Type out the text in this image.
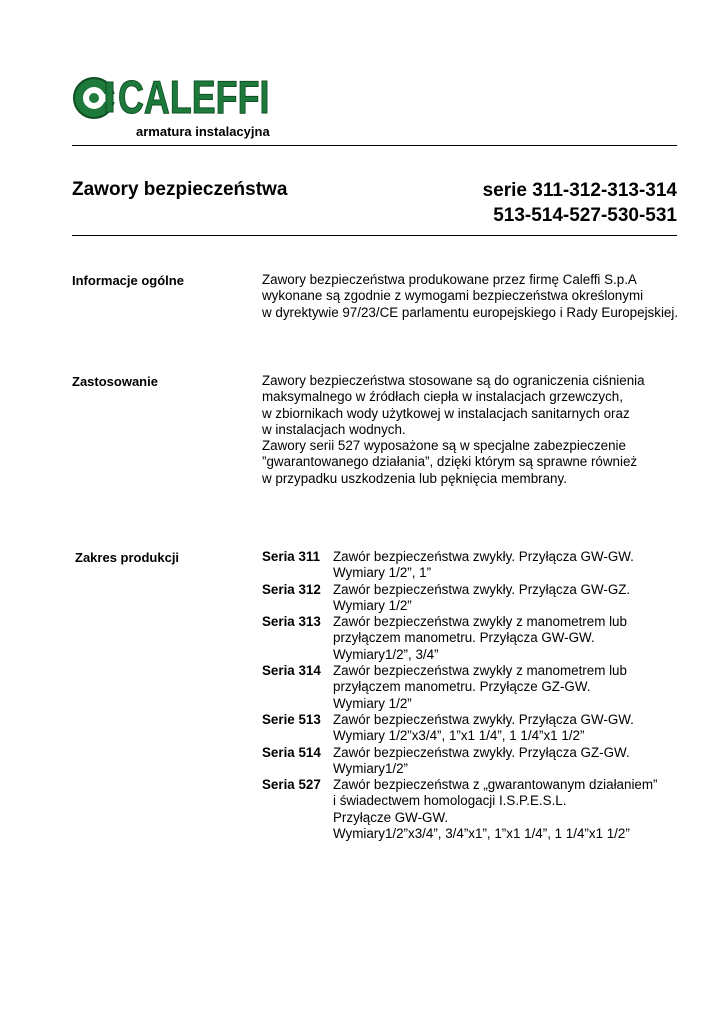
CALEFFI
armatura instalacyjna
Zawory bezpieczeństwa	serie 311-312-313-314
513-514-527-530-531
Informacje ogólne	Zawory bezpieczeństwa produkowane przez firmę Caleffi S.p.A
wykonane są zgodnie z wymogami bezpieczeństwa określonymi
w dyrektywie 97/23/CE parlamentu europejskiego i Rady Europejskiej.
Zastosowanie	Zawory bezpieczeństwa stosowane są do ograniczenia ciśnienia
maksymalnego w źródłach ciepła w instalacjach grzewczych,
w zbiornikach wody użytkowej w instalacjach sanitarnych oraz
w instalacjach wodnych.
Zawory serii 527 wyposażone są w specjalne zabezpieczenie
”gwarantowanego działania”, dzięki którym są sprawne również
w przypadku uszkodzenia lub pęknięcia membrany.
Zakres produkcji	Seria 311 Zawór bezpieczeństwa zwykły. Przyłącza GW-GW.
Wymiary 1/2”, 1”
Seria 312 Zawór bezpieczeństwa zwykły. Przyłącza GW-GZ.
Wymiary 1/2”
Seria 313 Zawór bezpieczeństwa zwykły z manometrem lub
przyłączem manometru. Przyłącza GW-GW.
Wymiary1/2”, 3/4”
Seria 314 Zawór bezpieczeństwa zwykły z manometrem lub
przyłączem manometru. Przyłącze GZ-GW.
Wymiary 1/2”
Serie 513 Zawór bezpieczeństwa zwykły. Przyłącza GW-GW.
Wymiary 1/2”x3/4”, 1”x1 1/4”, 1 1/4”x1 1/2”
Seria 514 Zawór bezpieczeństwa zwykły. Przyłącza GZ-GW.
Wymiary1/2”
Seria 527 Zawór bezpieczeństwa z „gwarantowanym działaniem”
i świadectwem homologacji I.S.P.E.S.L.
Przyłącze GW-GW.
Wymiary1/2”x3/4”, 3/4”x1”, 1”x1 1/4”, 1 1/4”x1 1/2”
